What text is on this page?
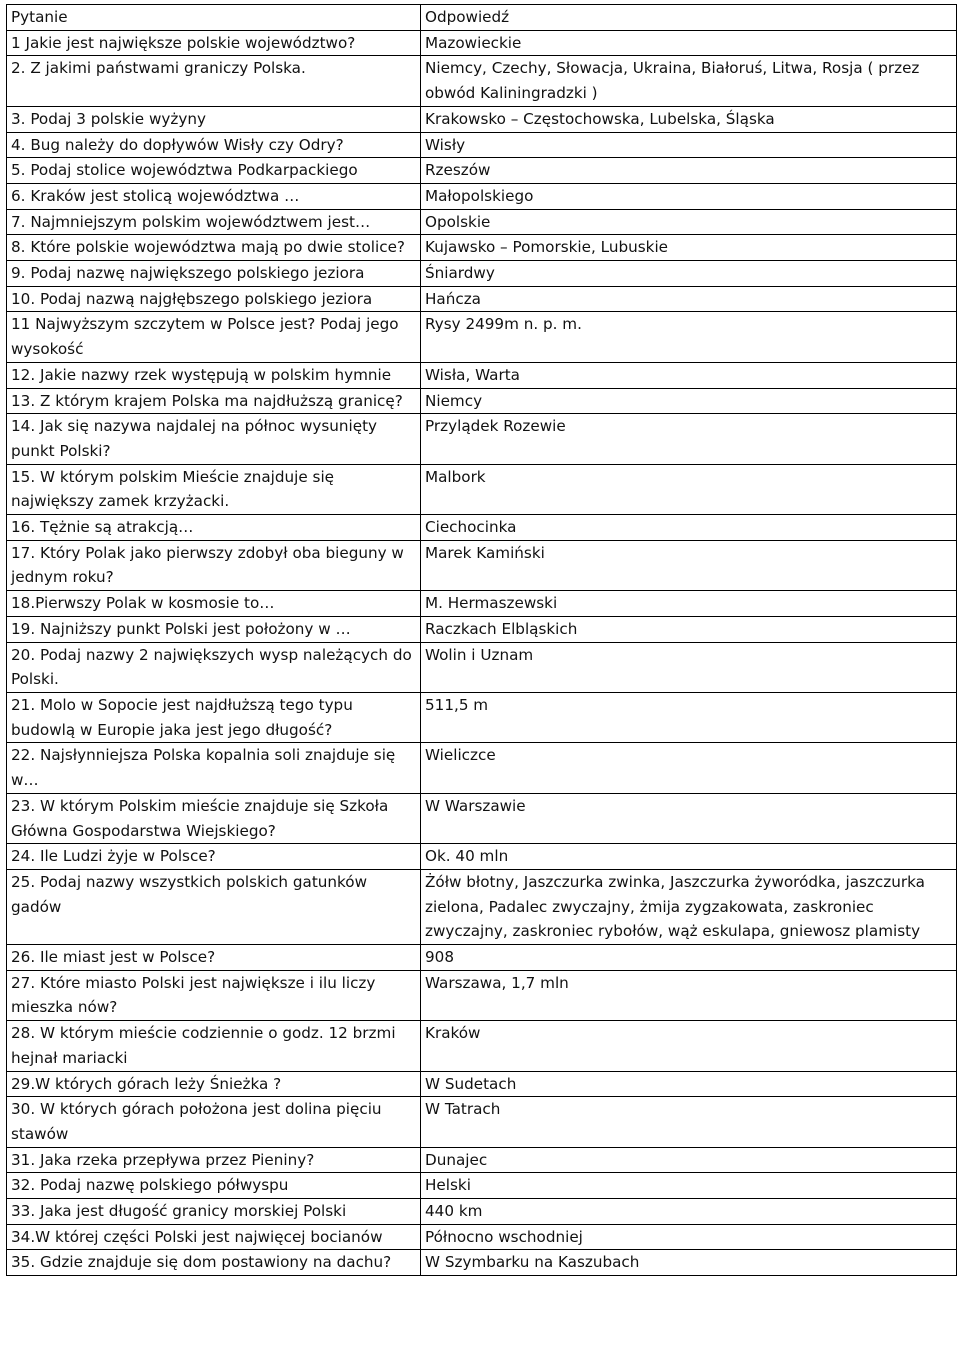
Pytanie	Odpowiedź
1 Jakie jest największe polskie województwo?	Mazowieckie
2. Z jakimi państwami graniczy Polska.	Niemcy, Czechy, Słowacja, Ukraina, Białoruś, Litwa, Rosja ( przez obwód Kaliningradzki )
3. Podaj 3 polskie wyżyny	Krakowsko – Częstochowska, Lubelska, Śląska
4. Bug należy do dopływów Wisły czy Odry?	Wisły
5. Podaj stolice województwa Podkarpackiego	Rzeszów
6. Kraków jest stolicą województwa …	Małopolskiego
7. Najmniejszym polskim województwem jest…	Opolskie
8. Które polskie województwa mają po dwie stolice?	Kujawsko – Pomorskie, Lubuskie
9. Podaj nazwę największego polskiego jeziora	Śniardwy
10. Podaj nazwą najgłębszego polskiego jeziora	Hańcza
11 Najwyższym szczytem w Polsce jest? Podaj jego wysokość	Rysy 2499m n. p. m.
12. Jakie nazwy rzek występują w polskim hymnie	Wisła, Warta
13. Z którym krajem Polska ma najdłuższą granicę?	Niemcy
14. Jak się nazywa najdalej na północ wysunięty punkt Polski?	Przylądek Rozewie
15. W którym polskim Mieście znajduje się największy zamek krzyżacki.	Malbork
16. Tężnie są atrakcją…	Ciechocinka
17. Który Polak jako pierwszy zdobył oba bieguny w jednym roku?	Marek Kamiński
18.Pierwszy Polak w kosmosie to…	M. Hermaszewski
19. Najniższy punkt Polski jest położony w …	Raczkach Elbląskich
20. Podaj nazwy 2 największych wysp należących do Polski.	Wolin i Uznam
21. Molo w Sopocie jest najdłuższą tego typu budowlą w Europie jaka jest jego długość?	511,5 m
22. Najsłynniejsza Polska kopalnia soli znajduje się w…	Wieliczce
23. W którym Polskim mieście znajduje się Szkoła Główna Gospodarstwa Wiejskiego?	W Warszawie
24. Ile Ludzi żyje w Polsce?	Ok. 40 mln
25. Podaj nazwy wszystkich polskich gatunków gadów	Żółw błotny, Jaszczurka zwinka, Jaszczurka żyworódka, jaszczurka zielona, Padalec zwyczajny, żmija zygzakowata, zaskroniec zwyczajny, zaskroniec rybołów, wąż eskulapa, gniewosz plamisty
26. Ile miast jest w Polsce?	908
27. Które miasto Polski jest największe i ilu liczy mieszka nów?	Warszawa, 1,7 mln
28. W którym mieście codziennie o godz. 12 brzmi hejnał mariacki	Kraków
29.W których górach leży Śnieżka ?	W Sudetach
30. W których górach położona jest dolina pięciu stawów	W Tatrach
31. Jaka rzeka przepływa przez Pieniny?	Dunajec
32. Podaj nazwę polskiego półwyspu	Helski
33. Jaka jest długość granicy morskiej Polski	440 km
34.W której części Polski jest najwięcej bocianów	Północno wschodniej
35. Gdzie znajduje się dom postawiony na dachu?	W Szymbarku na Kaszubach
